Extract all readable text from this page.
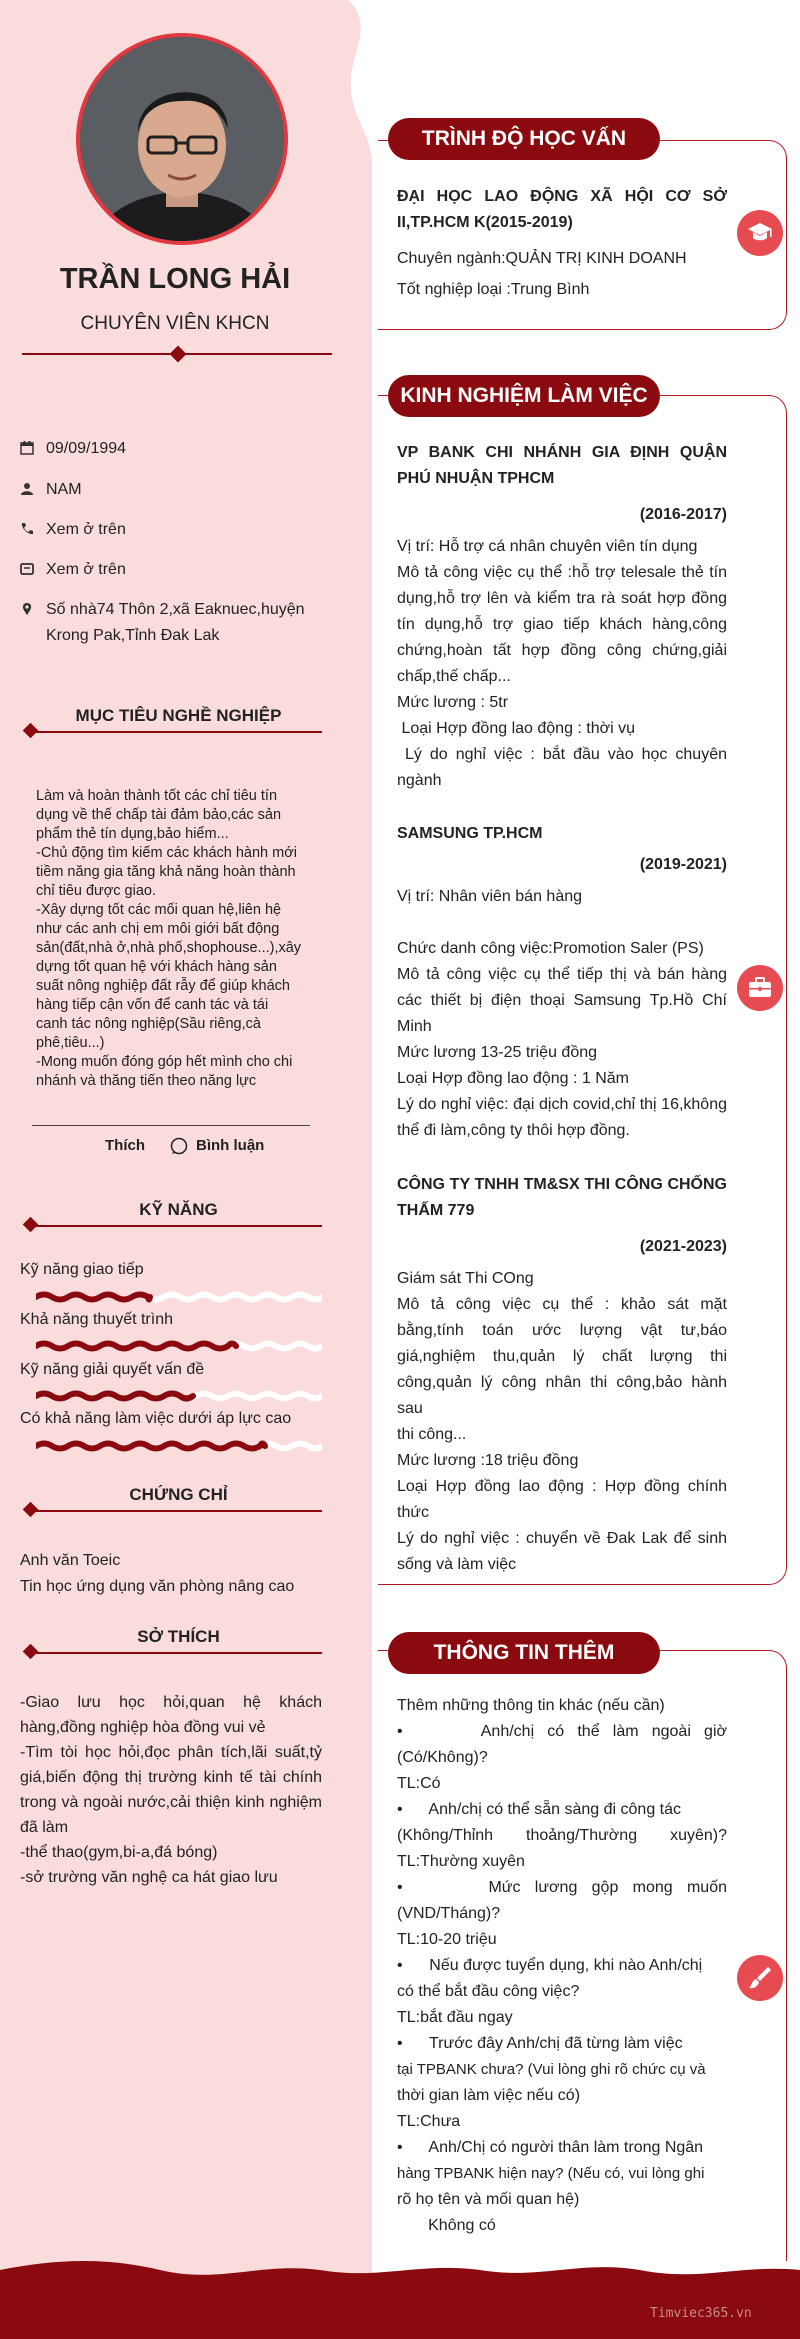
TRẦN LONG HẢI
CHUYÊN VIÊN KHCN
09/09/1994
NAM
Xem ở trên
Xem ở trên
Số nhà74 Thôn 2,xã Eaknuec,huyện Krong Pak,Tỉnh Đak Lak
MỤC TIÊU NGHỀ NGHIỆP
Làm và hoàn thành tốt các chỉ tiêu tín
dụng về thế chấp tài đảm bảo,các sản
phẩm thẻ tín dụng,bảo hiểm...
-Chủ động tìm kiếm các khách hành mới
tiềm năng gia tăng khả năng hoàn thành
chỉ tiêu được giao.
-Xây dựng tốt các mối quan hệ,liên hệ
như các anh chị em môi giới bất động
sản(đất,nhà ở,nhà phố,shophouse...),xây
dựng tốt quan hệ với khách hàng sản
suất nông nghiệp đất rẫy để giúp khách
hàng tiếp cận vốn để canh tác và tái
canh tác nông nghiệp(Sầu riêng,cà
phê,tiêu...)
-Mong muốn đóng góp hết mình cho chi
nhánh và thăng tiến theo năng lực
Thích	Bình luận
KỸ NĂNG
Kỹ năng giao tiếp
Khả năng thuyết trình
Kỹ năng giải quyết vấn đề
Có khả năng làm việc dưới áp lực cao
CHỨNG CHỈ
Anh văn Toeic
Tin học ứng dụng văn phòng nâng cao
SỞ THÍCH
-Giao lưu học hỏi,quan hệ khách
hàng,đồng nghiệp hòa đồng vui vẻ
-Tìm tòi học hỏi,đọc phân tích,lãi suất,tỷ
giá,biến động thị trường kinh tế tài chính
trong và ngoài nước,cải thiện kinh nghiệm
đã làm
-thể thao(gym,bi-a,đá bóng)
-sở trường văn nghệ ca hát giao lưu
TRÌNH ĐỘ HỌC VẤN
ĐẠI HỌC LAO ĐỘNG XÃ HỘI CƠ SỞ
II,TP.HCM K(2015-2019)
Chuyên ngành:QUẢN TRỊ KINH DOANH
Tốt nghiệp loại :Trung Bình
KINH NGHIỆM LÀM VIỆC
VP BANK CHI NHÁNH GIA ĐỊNH QUẬN
PHÚ NHUẬN TPHCM
(2016-2017)
Vị trí: Hỗ trợ cá nhân chuyên viên tín dụng
Mô tả công việc cụ thể :hỗ trợ telesale thẻ tín
dụng,hỗ trợ lên và kiểm tra rà soát hợp đồng
tín dụng,hỗ trợ giao tiếp khách hàng,công
chứng,hoàn tất hợp đồng công chứng,giải
chấp,thế chấp...
Mức lương : 5tr
Loại Hợp đồng lao động : thời vụ
Lý do nghỉ việc : bắt đầu vào học chuyên
ngành
SAMSUNG TP.HCM
(2019-2021)
Vị trí: Nhân viên bán hàng
Chức danh công việc:Promotion Saler (PS)
Mô tả công việc cụ thể tiếp thị và bán hàng
các thiết bị điện thoại Samsung Tp.Hồ Chí
Minh
Mức lương 13-25 triệu đồng
Loại Hợp đồng lao động : 1 Năm
Lý do nghỉ việc: đại dịch covid,chỉ thị 16,không
thể đi làm,công ty thôi hợp đồng.
CÔNG TY TNHH TM&SX THI CÔNG CHỐNG
THẤM 779
(2021-2023)
Giám sát Thi COng
Mô tả công việc cụ thể : khảo sát mặt
bằng,tính toán ước lượng vật tư,báo
giá,nghiệm thu,quản lý chất lượng thi
công,quản lý công nhân thi công,bảo hành sau
thi công...
Mức lương :18 triệu đồng
Loại Hợp đồng lao động : Hợp đồng chính
thức
Lý do nghỉ việc : chuyển về Đak Lak để sinh
sống và làm việc
THÔNG TIN THÊM
Thêm những thông tin khác (nếu cần)
•      Anh/chị có thể làm ngoài giờ
(Có/Không)?
TL:Có
•      Anh/chị có thể sẵn sàng đi công tác
(Không/Thỉnh thoảng/Thường xuyên)?
TL:Thường xuyên
•      Mức lương gộp mong muốn
(VND/Tháng)?
TL:10-20 triệu
•      Nếu được tuyển dụng, khi nào Anh/chị
có thể bắt đầu công việc?
TL:bắt đầu ngay
•      Trước đây Anh/chị đã từng làm việc
tại TPBANK chưa? (Vui lòng ghi rõ chức cụ và
thời gian làm việc nếu có)
TL:Chưa
•      Anh/Chị có người thân làm trong Ngân
hàng TPBANK hiện nay? (Nếu có, vui lòng ghi
rõ họ tên và mối quan hệ)
Không có
Timviec365.vn
